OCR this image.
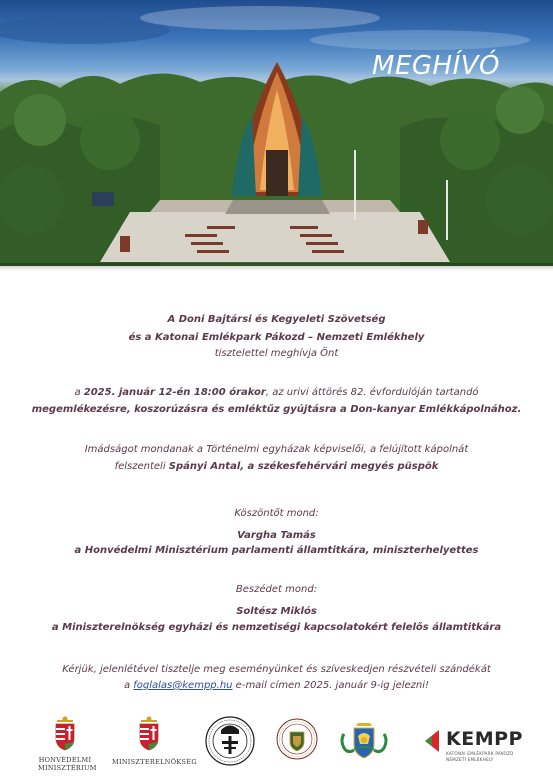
MEGHÍVÓ
A Doni Bajtársi és Kegyeleti Szövetség
és a Katonai Emlékpark Pákozd – Nemzeti Emlékhely
tisztelettel meghívja Önt
a 2025. január 12-én 18:00 órakor, az urivi áttörés 82. évfordulóján tartandó
megemlékezésre, koszorúzásra és emléktűz gyújtásra a Don-kanyar Emlékkápolnához.
Imádságot mondanak a Történelmi egyházak képviselői, a felújított kápolnát
felszenteli Spányi Antal, a székesfehérvári megyés püspök
Köszöntőt mond:
Vargha Tamás
a Honvédelmi Minisztérium parlamenti államtitkára, miniszterhelyettes
Beszédet mond:
Soltész Miklós
a Miniszterelnökség egyházi és nemzetiségi kapcsolatokért felelős államtitkára
Kérjük, jelenlétével tisztelje meg eseményünket és szíveskedjen részvételi szándékát
a foglalas@kempp.hu e-mail címen 2025. január 9-ig jelezni!
HONVÉDELMI
MINISZTÉRIUM
MINISZTERELNÖKSÉG
KEMPP
KATONAI EMLÉKPARK PÁKOZD
NEMZETI EMLÉKHELY
